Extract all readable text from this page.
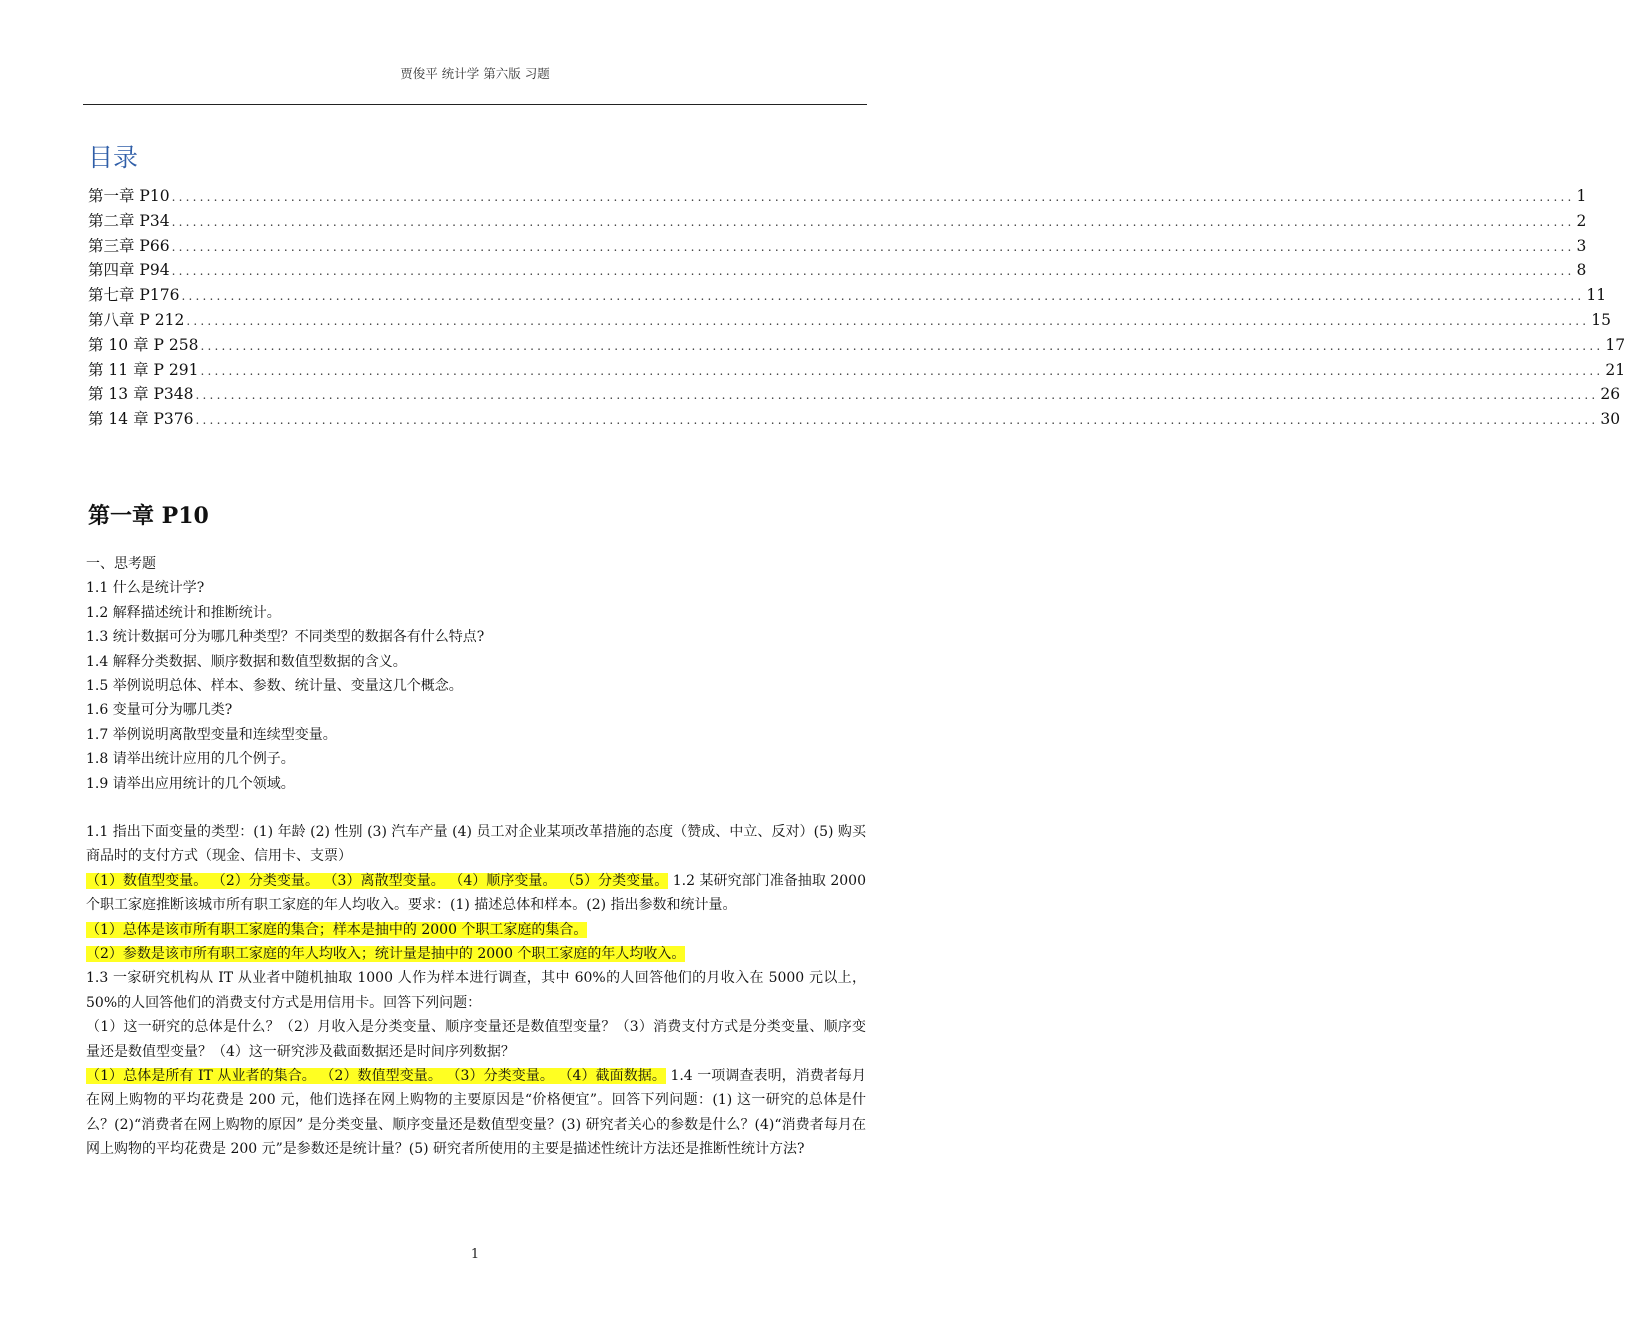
贾俊平 统计学 第六版 习题
目录
第一章 P10 ........................................................................................................................................................................................................ 1
第二章 P34 ........................................................................................................................................................................................................ 2
第三章 P66 ........................................................................................................................................................................................................ 3
第四章 P94 ........................................................................................................................................................................................................ 8
第七章 P176 ........................................................................................................................................................................................................ 11
第八章 P 212 ........................................................................................................................................................................................................ 15
第 10 章 P 258 ........................................................................................................................................................................................................ 17
第 11 章 P 291 ........................................................................................................................................................................................................ 21
第 13 章 P348 ........................................................................................................................................................................................................ 26
第 14 章 P376 ........................................................................................................................................................................................................ 30
第一章 P10
一、思考题
1.1 什么是统计学?
1.2 解释描述统计和推断统计。
1.3 统计数据可分为哪几种类型？不同类型的数据各有什么特点?
1.4 解释分类数据、顺序数据和数值型数据的含义。
1.5 举例说明总体、样本、参数、统计量、变量这几个概念。
1.6 变量可分为哪几类?
1.7 举例说明离散型变量和连续型变量。
1.8 请举出统计应用的几个例子。
1.9 请举出应用统计的几个领域。
1.1 指出下面变量的类型：(1) 年龄 (2) 性别 (3) 汽车产量 (4) 员工对企业某项改革措施的态度（赞成、中立、反对）(5) 购买商品时的支付方式（现金、信用卡、支票）
（1）数值型变量。 （2）分类变量。 （3）离散型变量。 （4）顺序变量。 （5）分类变量。 1.2 某研究部门准备抽取 2000 个职工家庭推断该城市所有职工家庭的年人均收入。要求：(1) 描述总体和样本。(2) 指出参数和统计量。
（1）总体是该市所有职工家庭的集合；样本是抽中的 2000 个职工家庭的集合。
（2）参数是该市所有职工家庭的年人均收入；统计量是抽中的 2000 个职工家庭的年人均收入。
1.3 一家研究机构从 IT 从业者中随机抽取 1000 人作为样本进行调查，其中 60%的人回答他们的月收入在 5000 元以上，50%的人回答他们的消费支付方式是用信用卡。回答下列问题：
（1）这一研究的总体是什么？（2）月收入是分类变量、顺序变量还是数值型变量？（3）消费支付方式是分类变量、顺序变量还是数值型变量？（4）这一研究涉及截面数据还是时间序列数据？
（1）总体是所有 IT 从业者的集合。 （2）数值型变量。 （3）分类变量。 （4）截面数据。 1.4 一项调查表明，消费者每月在网上购物的平均花费是 200 元，他们选择在网上购物的主要原因是“价格便宜”。回答下列问题：(1) 这一研究的总体是什么？(2)“消费者在网上购物的原因” 是分类变量、顺序变量还是数值型变量？(3) 研究者关心的参数是什么？(4)“消费者每月在网上购物的平均花费是 200 元”是参数还是统计量？(5) 研究者所使用的主要是描述性统计方法还是推断性统计方法?
1
